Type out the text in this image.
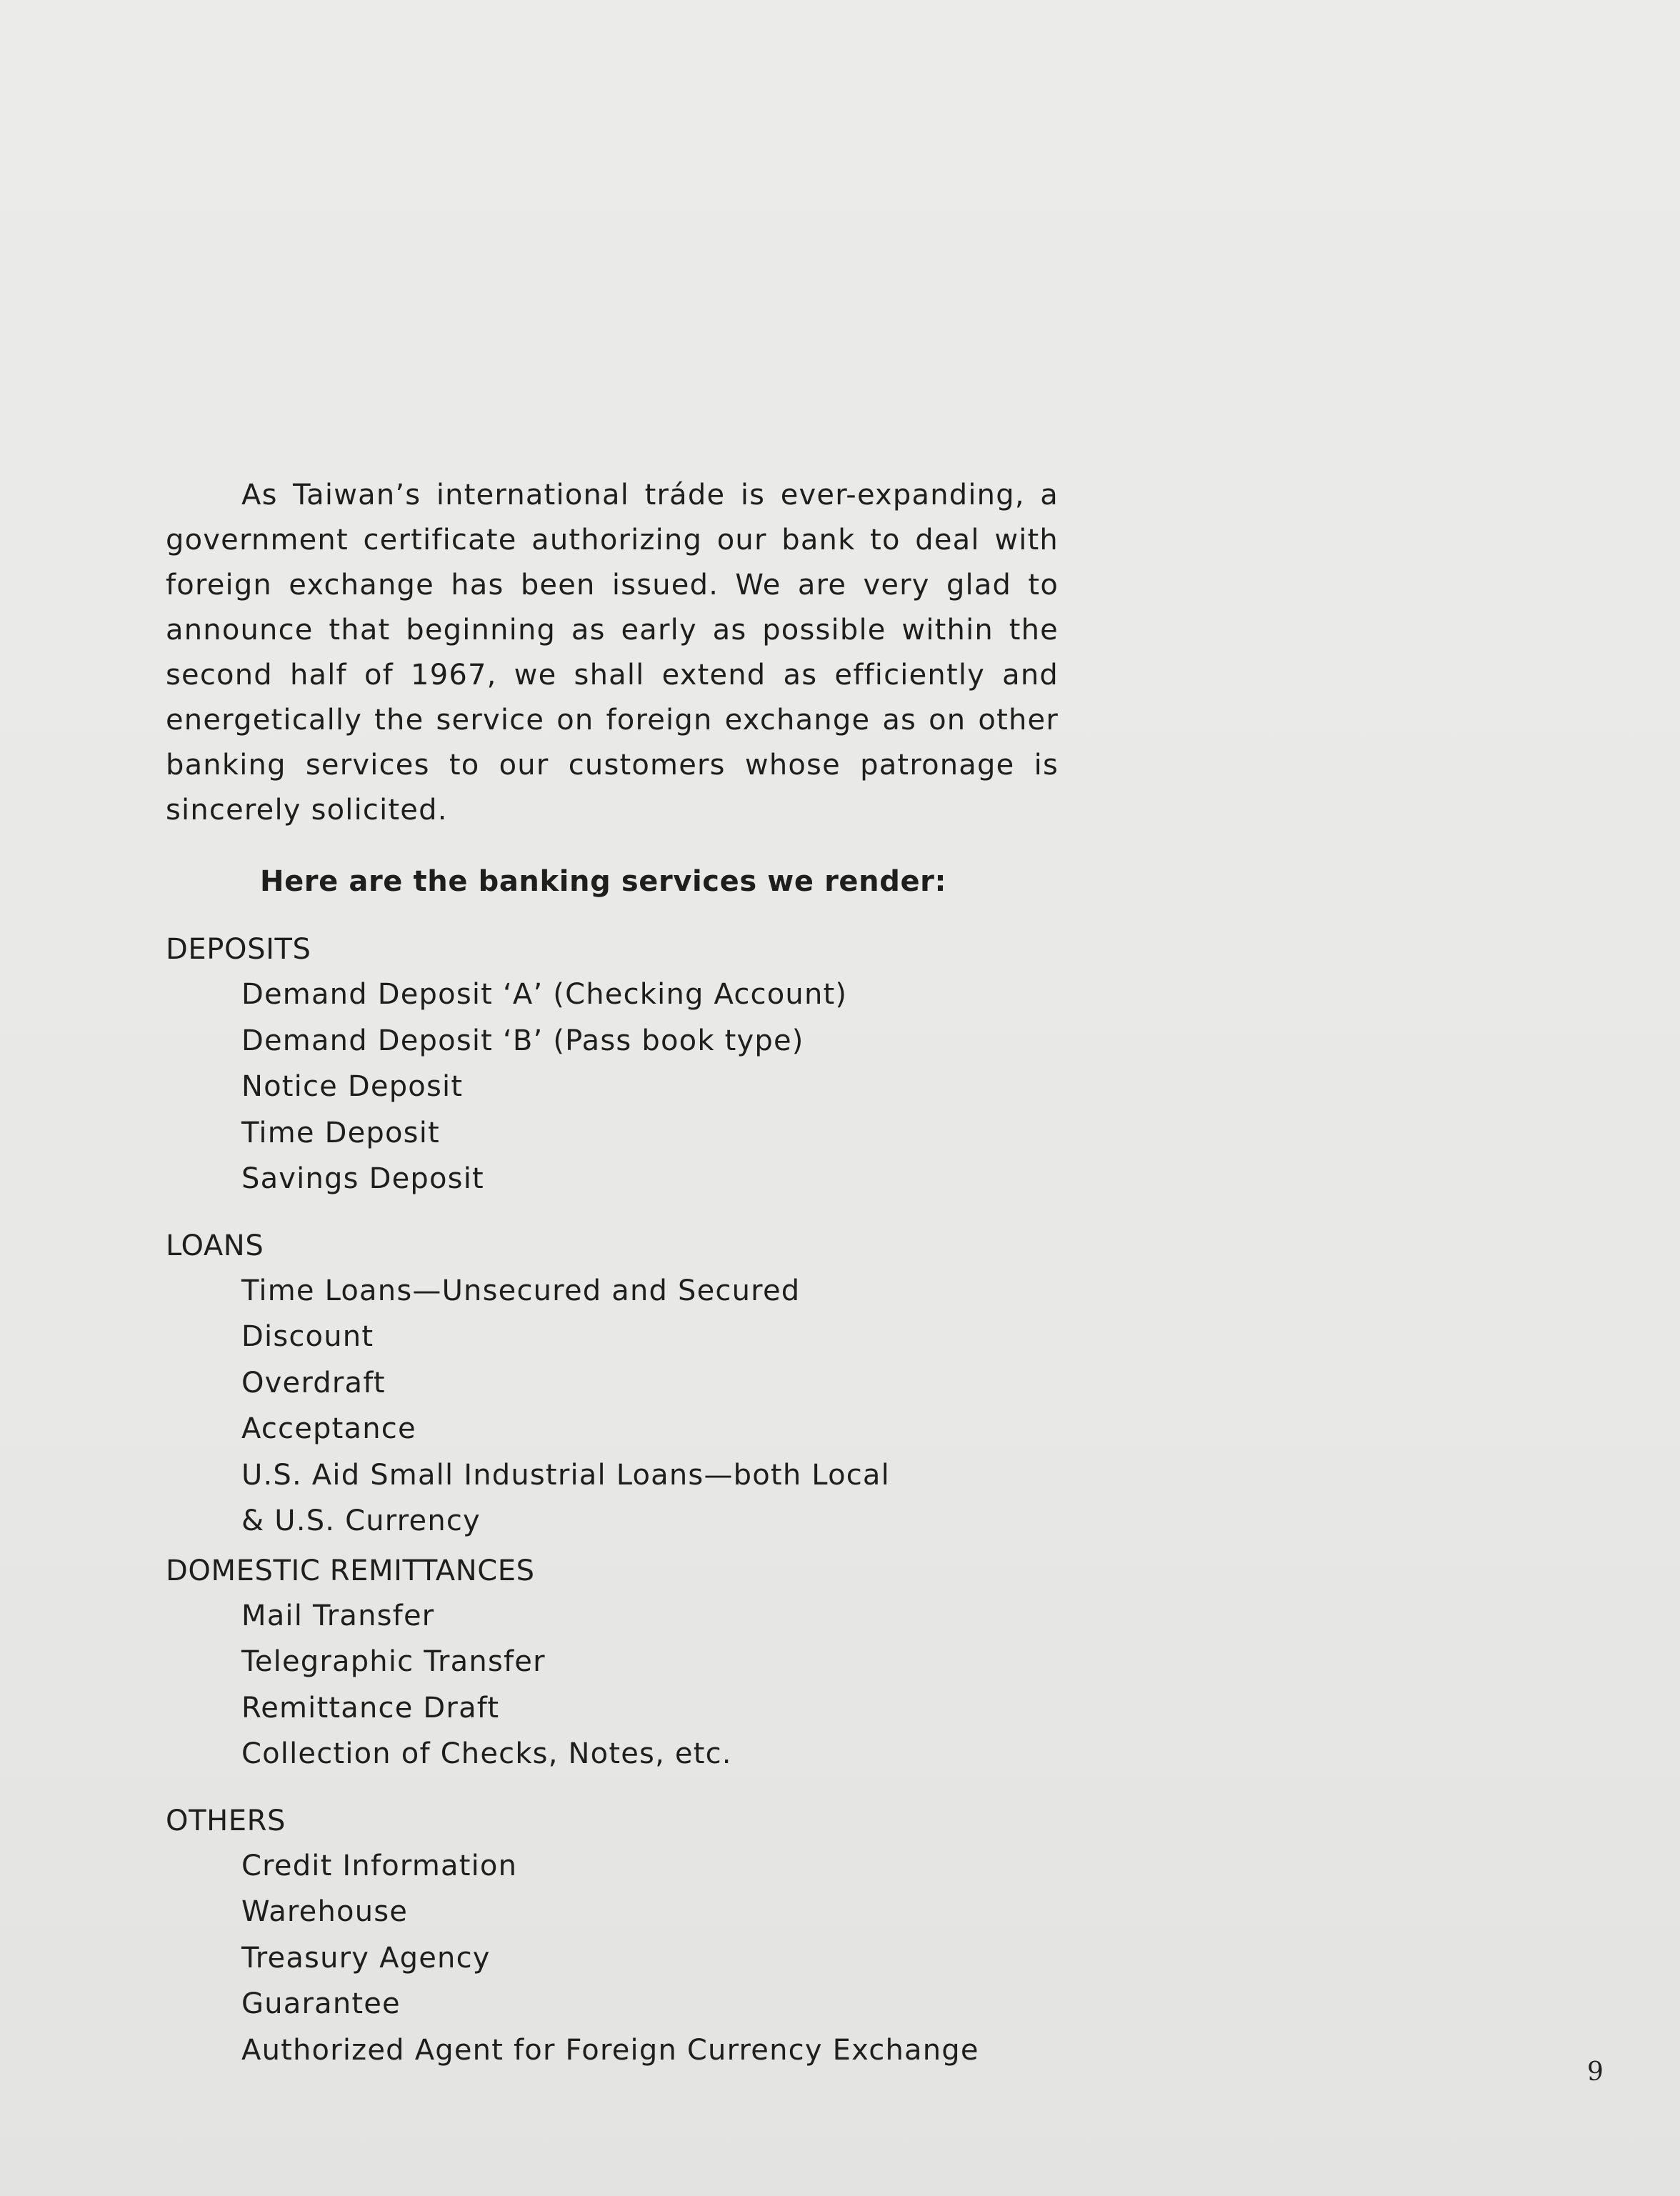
As Taiwan’s international tráde is ever-expanding, a government certificate authorizing our bank to deal with foreign exchange has been issued. We are very glad to announce that beginning as early as possible within the second half of 1967, we shall extend as efficiently and energetically the service on foreign exchange as on other banking services to our customers whose patronage is sincerely solicited.

Here are the banking services we render:
DEPOSITS
Demand Deposit ‘A’ (Checking Account)
Demand Deposit ‘B’ (Pass book type)
Notice Deposit
Time Deposit
Savings Deposit
LOANS
Time Loans—Unsecured and Secured
Discount
Overdraft
Acceptance
U.S. Aid Small Industrial Loans—both Local
& U.S. Currency
DOMESTIC REMITTANCES
Mail Transfer
Telegraphic Transfer
Remittance Draft
Collection of Checks, Notes, etc.
OTHERS
Credit Information
Warehouse
Treasury Agency
Guarantee
Authorized Agent for Foreign Currency Exchange
9
